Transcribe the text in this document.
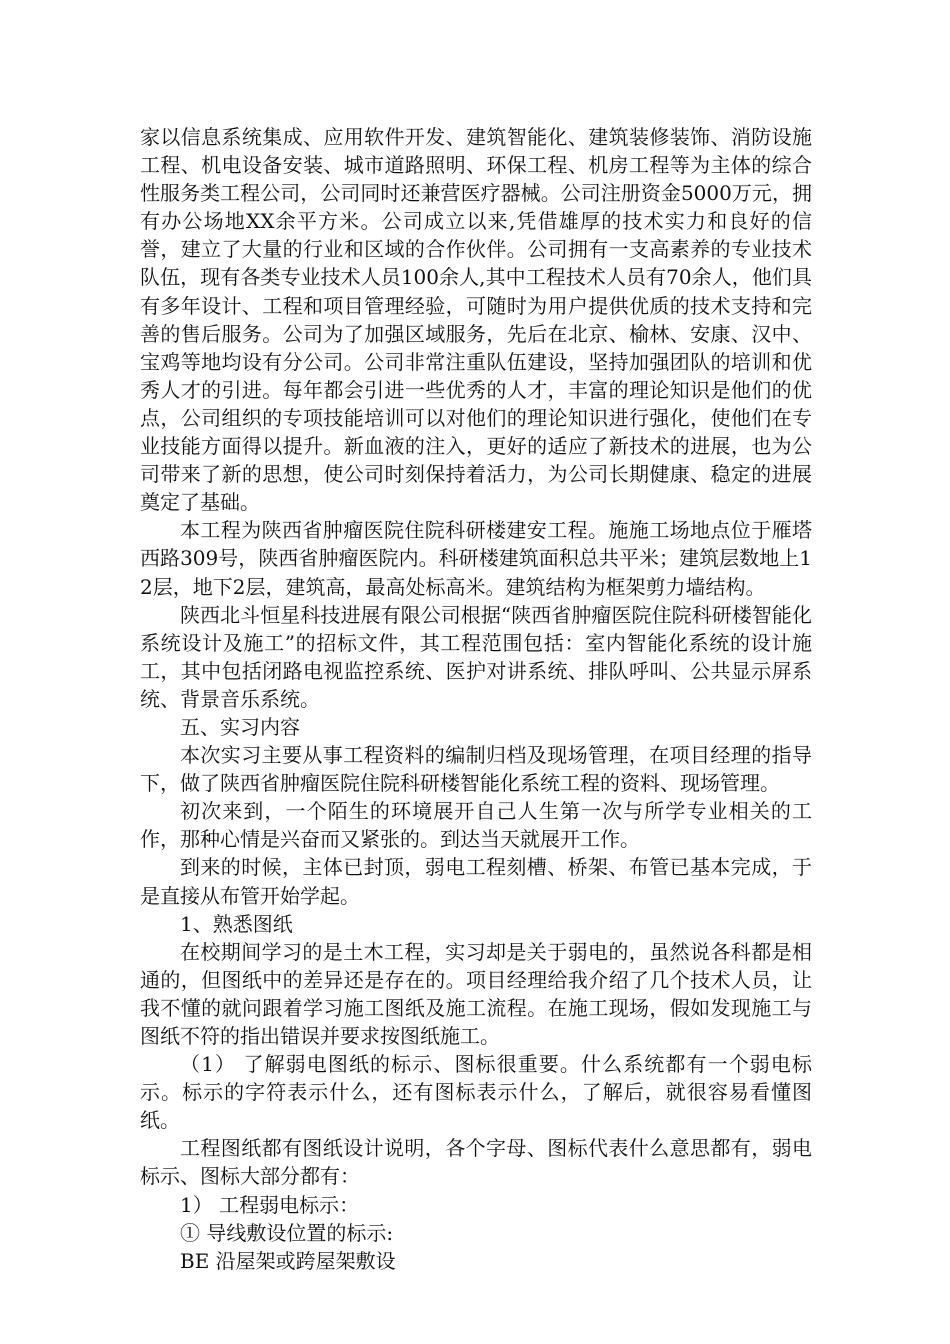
家以信息系统集成、应用软件开发、建筑智能化、建筑装修装饰、消防设施工程、机电设备安装、城市道路照明、环保工程、机房工程等为主体的综合性服务类工程公司，公司同时还兼营医疗器械。公司注册资金5000万元，拥有办公场地XX余平方米。公司成立以来,凭借雄厚的技术实力和良好的信誉，建立了大量的行业和区域的合作伙伴。公司拥有一支高素养的专业技术队伍，现有各类专业技术人员100余人,其中工程技术人员有70余人，他们具有多年设计、工程和项目管理经验，可随时为用户提供优质的技术支持和完善的售后服务。公司为了加强区域服务，先后在北京、榆林、安康、汉中、宝鸡等地均设有分公司。公司非常注重队伍建设，坚持加强团队的培训和优秀人才的引进。每年都会引进一些优秀的人才，丰富的理论知识是他们的优点，公司组织的专项技能培训可以对他们的理论知识进行强化，使他们在专业技能方面得以提升。新血液的注入，更好的适应了新技术的进展，也为公司带来了新的思想，使公司时刻保持着活力，为公司长期健康、稳定的进展奠定了基础。

本工程为陕西省肿瘤医院住院科研楼建安工程。施施工场地点位于雁塔西路309号，陕西省肿瘤医院内。科研楼建筑面积总共平米；建筑层数地上12层，地下2层，建筑高，最高处标高米。建筑结构为框架剪力墙结构。

陕西北斗恒星科技进展有限公司根据“陕西省肿瘤医院住院科研楼智能化系统设计及施工”的招标文件，其工程范围包括：室内智能化系统的设计施工，其中包括闭路电视监控系统、医护对讲系统、排队呼叫、公共显示屏系统、背景音乐系统。

五、实习内容

本次实习主要从事工程资料的编制归档及现场管理，在项目经理的指导下，做了陕西省肿瘤医院住院科研楼智能化系统工程的资料、现场管理。

初次来到，一个陌生的环境展开自己人生第一次与所学专业相关的工作，那种心情是兴奋而又紧张的。到达当天就展开工作。

到来的时候，主体已封顶，弱电工程刻槽、桥架、布管已基本完成，于是直接从布管开始学起。

1、熟悉图纸

在校期间学习的是土木工程，实习却是关于弱电的，虽然说各科都是相通的，但图纸中的差异还是存在的。项目经理给我介绍了几个技术人员，让我不懂的就问跟着学习施工图纸及施工流程。在施工现场，假如发现施工与图纸不符的指出错误并要求按图纸施工。

（1） 了解弱电图纸的标示、图标很重要。什么系统都有一个弱电标示。标示的字符表示什么，还有图标表示什么，了解后，就很容易看懂图纸。

工程图纸都有图纸设计说明，各个字母、图标代表什么意思都有，弱电标示、图标大部分都有：

1） 工程弱电标示：

① 导线敷设位置的标示:

BE 沿屋架或跨屋架敷设
